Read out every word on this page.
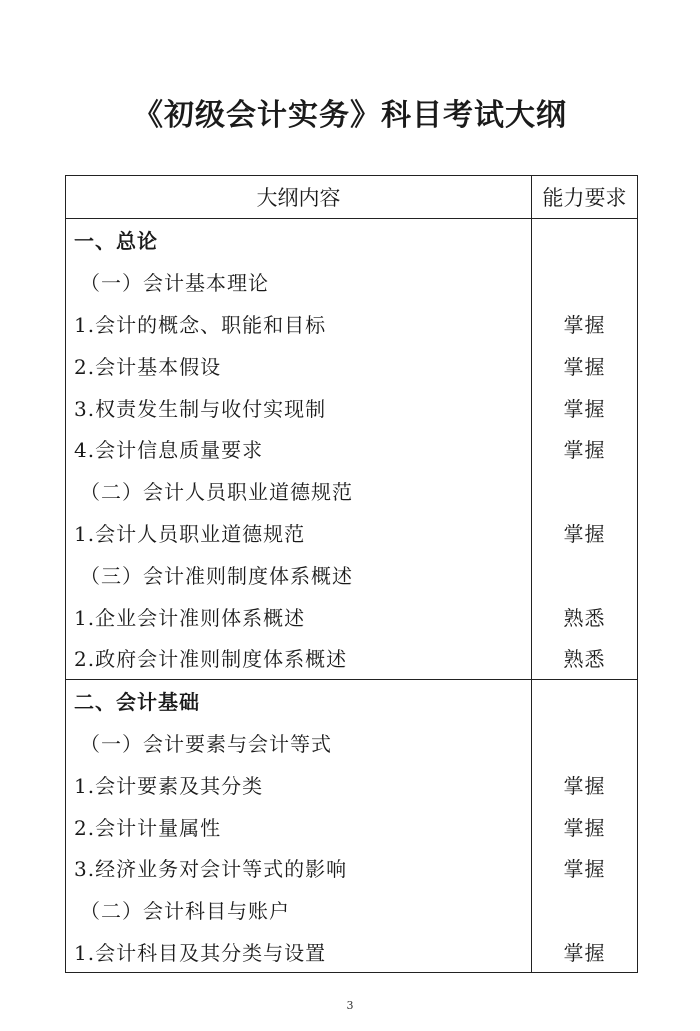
《初级会计实务》科目考试大纲
大纲内容	能力要求
一、总论	
（一）会计基本理论	
1.会计的概念、职能和目标	掌握
2.会计基本假设	掌握
3.权责发生制与收付实现制	掌握
4.会计信息质量要求	掌握
（二）会计人员职业道德规范	
1.会计人员职业道德规范	掌握
（三）会计准则制度体系概述	
1.企业会计准则体系概述	熟悉
2.政府会计准则制度体系概述	熟悉
二、会计基础	
（一）会计要素与会计等式	
1.会计要素及其分类	掌握
2.会计计量属性	掌握
3.经济业务对会计等式的影响	掌握
（二）会计科目与账户	
1.会计科目及其分类与设置	掌握
3
